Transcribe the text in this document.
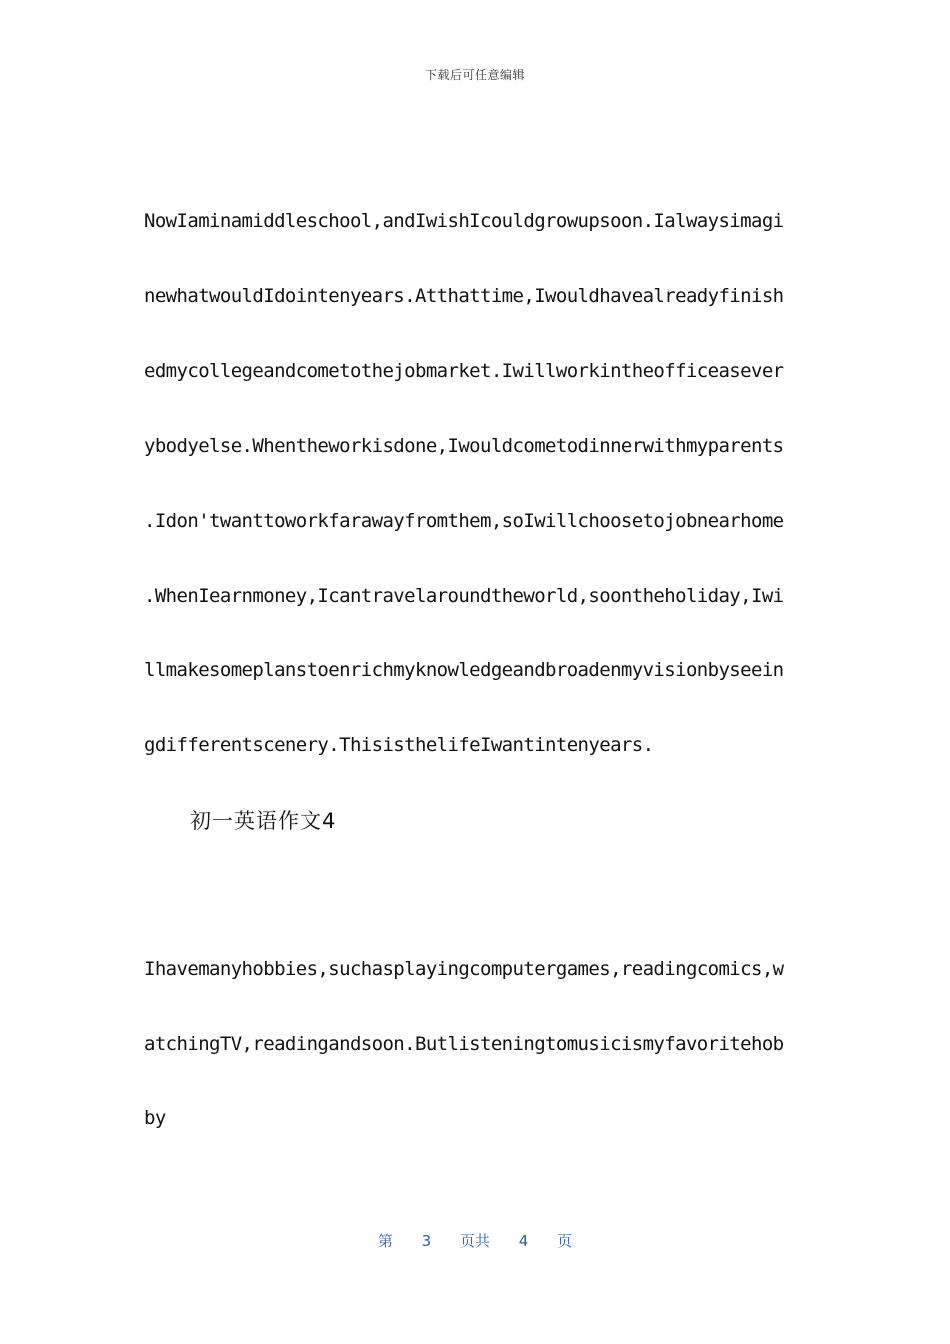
下载后可任意编辑
NowIaminamiddleschool,andIwishIcouldgrowupsoon.Ialwaysimagi
newhatwouldIdointenyears.Atthattime,Iwouldhavealreadyfinish
edmycollegeandcometothejobmarket.Iwillworkintheofficeasever
ybodyelse.Whentheworkisdone,Iwouldcometodinnerwithmyparents
.Idon'twanttoworkfarawayfromthem,soIwillchoosetojobnearhome
.WhenIearnmoney,Icantravelaroundtheworld,soontheholiday,Iwi
llmakesomeplanstoenrichmyknowledgeandbroadenmyvisionbyseein
gdifferentscenery.ThisisthelifeIwantintenyears.
初一英语作文4
Ihavemanyhobbies,suchasplayingcomputergames,readingcomics,w
atchingTV,readingandsoon.Butlisteningtomusicismyfavoritehob
by
第 3 页共 4 页
